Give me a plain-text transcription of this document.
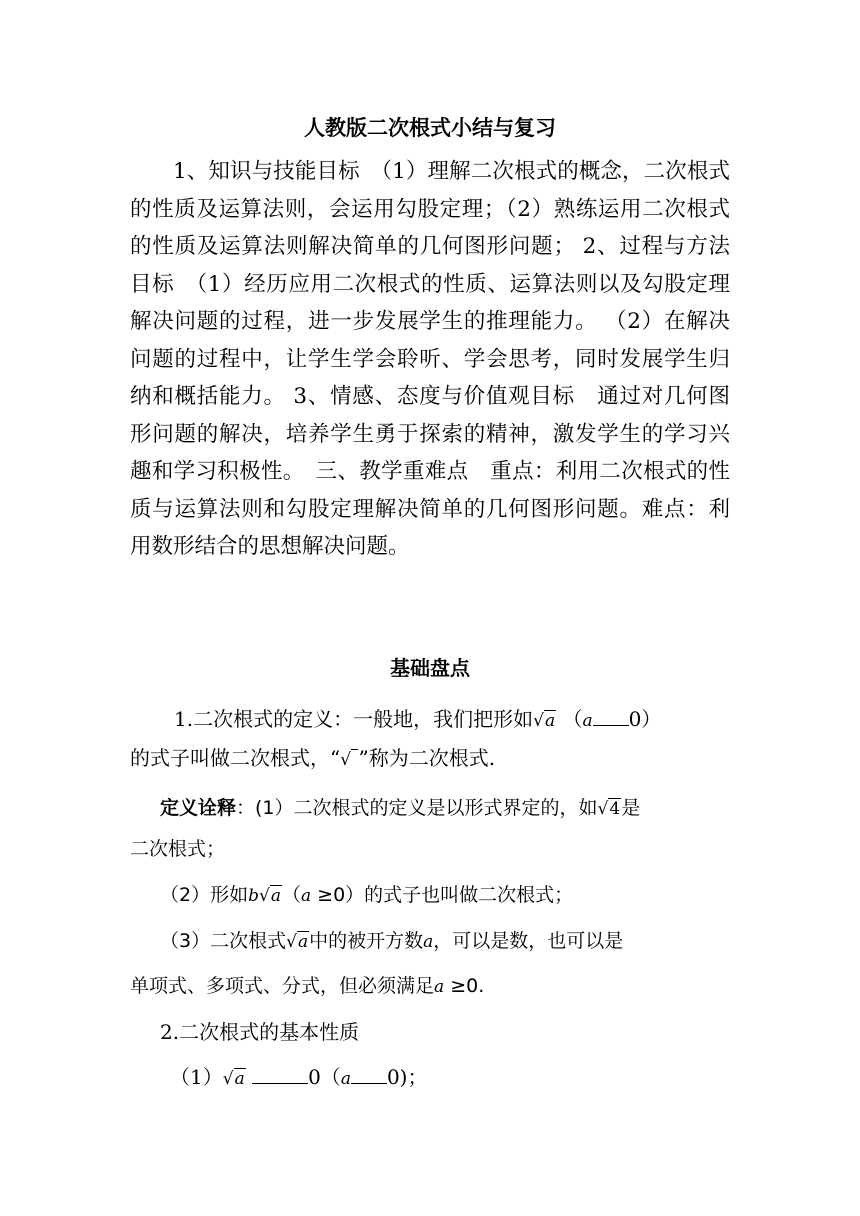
人教版二次根式小结与复习
1、知识与技能目标　（1）理解二次根式的概念，二次根式的性质及运算法则，会运用勾股定理；（2）熟练运用二次根式的性质及运算法则解决简单的几何图形问题； 2、过程与方法目标　（1）经历应用二次根式的性质、运算法则以及勾股定理解决问题的过程，进一步发展学生的推理能力。 （2）在解决问题的过程中，让学生学会聆听、学会思考，同时发展学生归纳和概括能力。 3、情感、态度与价值观目标　通过对几何图形问题的解决，培养学生勇于探索的精神，激发学生的学习兴趣和学习积极性。　三、教学重难点　重点：利用二次根式的性质与运算法则和勾股定理解决简单的几何图形问题。难点：利用数形结合的思想解决问题。
基础盘点
1.二次根式的定义：一般地，我们把形如√a （a 0）
的式子叫做二次根式，“√ ”称为二次根式.
定义诠释：(1）二次根式的定义是以形式界定的，如√4是
二次根式；
（2）形如b√a（a ≥0）的式子也叫做二次根式；
（3）二次根式√a中的被开方数a，可以是数，也可以是
单项式、多项式、分式，但必须满足a ≥0.
2.二次根式的基本性质
（1）√a	0（a 0)；
